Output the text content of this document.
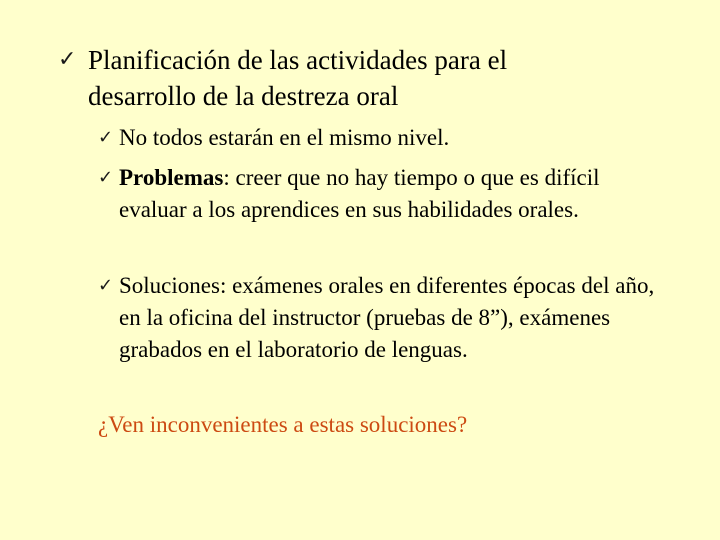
✓ Planificación de las actividades para el
desarrollo de la destreza oral
✓ No todos estarán en el mismo nivel.
✓ Problemas: creer que no hay tiempo o que es difícil evaluar a los aprendices en sus habilidades orales.
✓ Soluciones: exámenes orales en diferentes épocas del año, en la oficina del instructor (pruebas de 8”), exámenes grabados en el laboratorio de lenguas.
¿Ven inconvenientes a estas soluciones?
